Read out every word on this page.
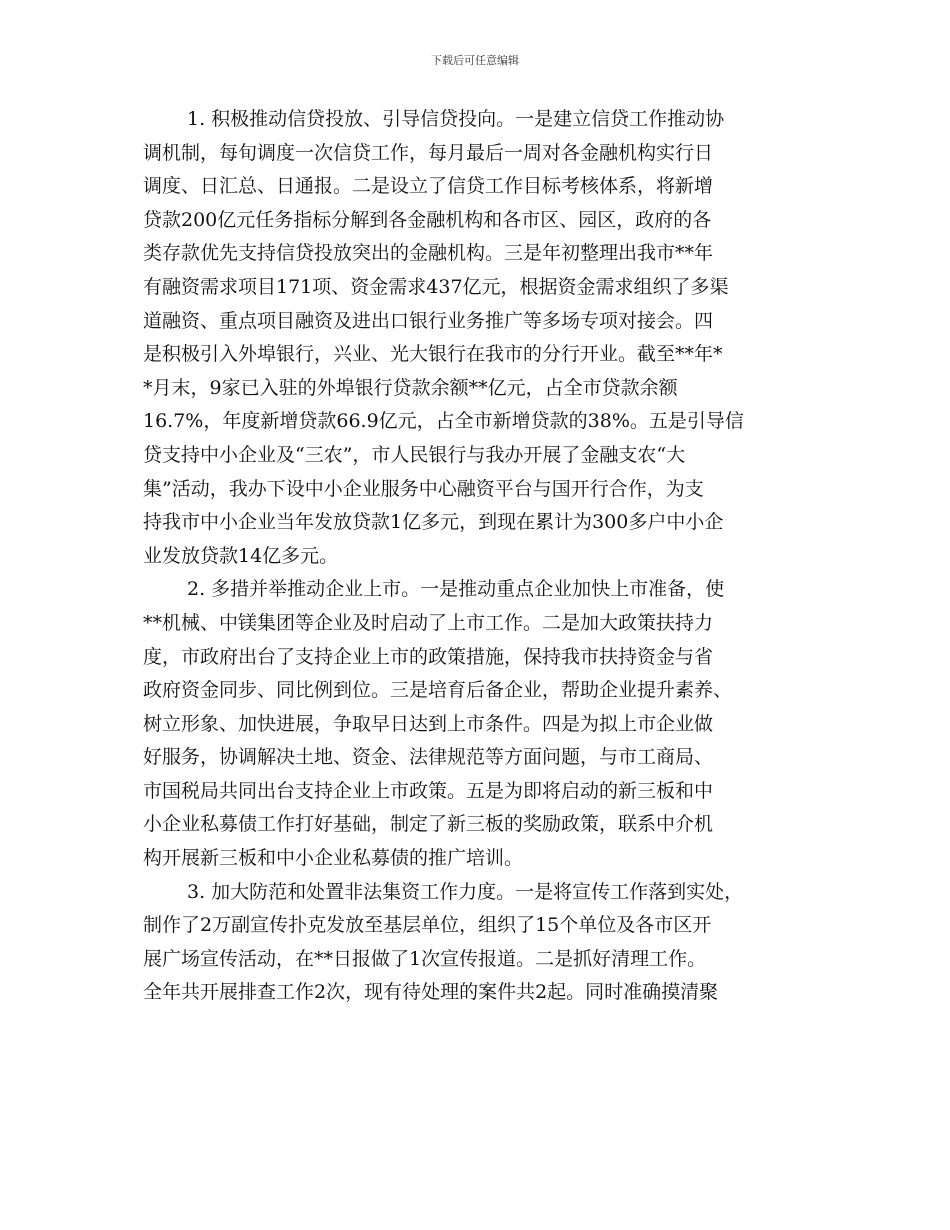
下载后可任意编辑
1. 积极推动信贷投放、引导信贷投向。一是建立信贷工作推动协
调机制，每旬调度一次信贷工作，每月最后一周对各金融机构实行日
调度、日汇总、日通报。二是设立了信贷工作目标考核体系，将新增
贷款200亿元任务指标分解到各金融机构和各市区、园区，政府的各
类存款优先支持信贷投放突出的金融机构。三是年初整理出我市**年
有融资需求项目171项、资金需求437亿元，根据资金需求组织了多渠
道融资、重点项目融资及进出口银行业务推广等多场专项对接会。四
是积极引入外埠银行，兴业、光大银行在我市的分行开业。截至**年*
*月末，9家已入驻的外埠银行贷款余额**亿元，占全市贷款余额
16.7%，年度新增贷款66.9亿元，占全市新增贷款的38%。五是引导信
贷支持中小企业及“三农”，市人民银行与我办开展了金融支农“大
集”活动，我办下设中小企业服务中心融资平台与国开行合作，为支
持我市中小企业当年发放贷款1亿多元，到现在累计为300多户中小企
业发放贷款14亿多元。
2. 多措并举推动企业上市。一是推动重点企业加快上市准备，使
**机械、中镁集团等企业及时启动了上市工作。二是加大政策扶持力
度，市政府出台了支持企业上市的政策措施，保持我市扶持资金与省
政府资金同步、同比例到位。三是培育后备企业，帮助企业提升素养、
树立形象、加快进展，争取早日达到上市条件。四是为拟上市企业做
好服务，协调解决土地、资金、法律规范等方面问题，与市工商局、
市国税局共同出台支持企业上市政策。五是为即将启动的新三板和中
小企业私募债工作打好基础，制定了新三板的奖励政策，联系中介机
构开展新三板和中小企业私募债的推广培训。
3. 加大防范和处置非法集资工作力度。一是将宣传工作落到实处，
制作了2万副宣传扑克发放至基层单位，组织了15个单位及各市区开
展广场宣传活动，在**日报做了1次宣传报道。二是抓好清理工作。
全年共开展排查工作2次，现有待处理的案件共2起。同时准确摸清聚
